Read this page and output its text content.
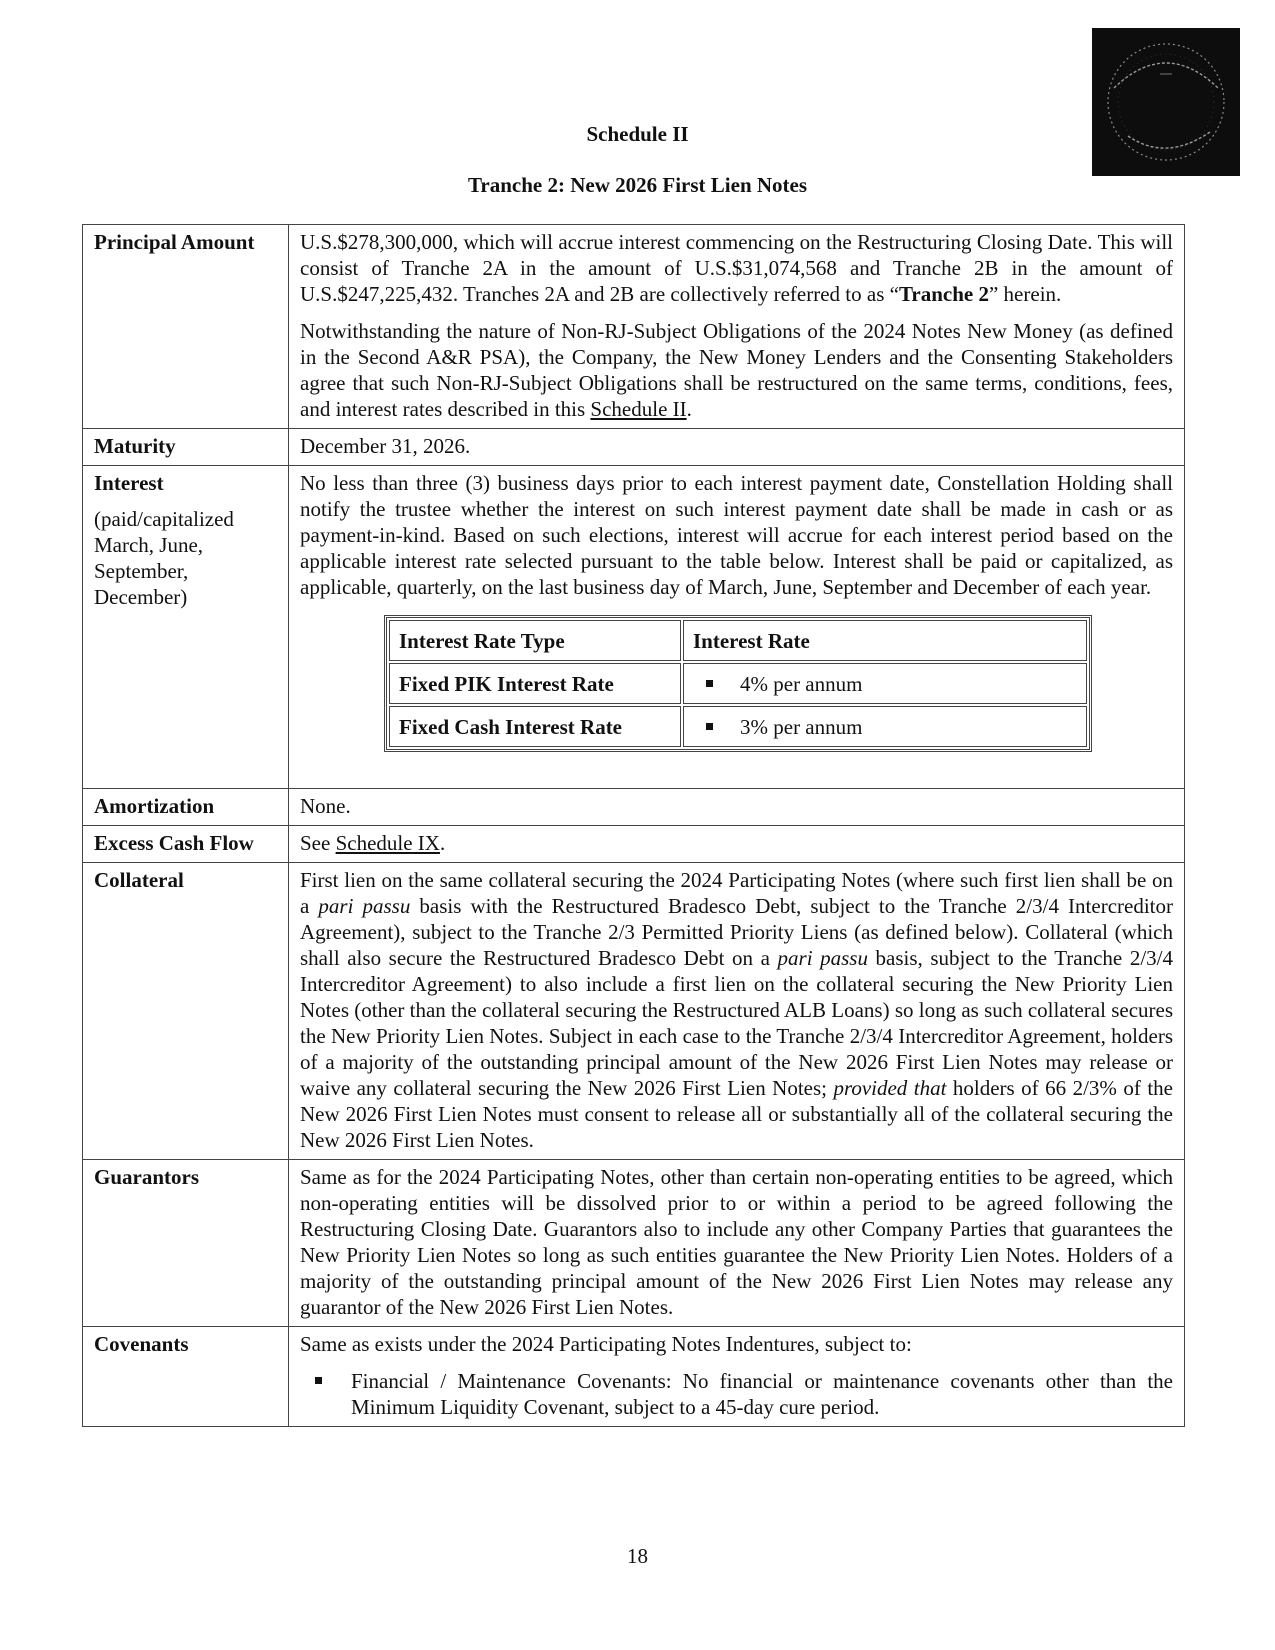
Schedule II
Tranche 2: New 2026 First Lien Notes
Principal Amount	U.S.$278,300,000, which will accrue interest commencing on the Restructuring Closing Date. This will consist of Tranche 2A in the amount of U.S.$31,074,568 and Tranche 2B in the amount of U.S.$247,225,432. Tranches 2A and 2B are collectively referred to as “Tranche 2” herein.

Notwithstanding the nature of Non-RJ-Subject Obligations of the 2024 Notes New Money (as defined in the Second A&R PSA), the Company, the New Money Lenders and the Consenting Stakeholders agree that such Non-RJ-Subject Obligations shall be restructured on the same terms, conditions, fees, and interest rates described in this Schedule II.

Maturity	December 31, 2026.

Interest
(paid/capitalized March, June, September, December)

No less than three (3) business days prior to each interest payment date, Constellation Holding shall notify the trustee whether the interest on such interest payment date shall be made in cash or as payment-in-kind. Based on such elections, interest will accrue for each interest period based on the applicable interest rate selected pursuant to the table below. Interest shall be paid or capitalized, as applicable, quarterly, on the last business day of March, June, September and December of each year.

Interest Rate Type	Interest Rate
Fixed PIK Interest Rate	4% per annum
Fixed Cash Interest Rate	3% per annum

Amortization	None.
Excess Cash Flow	See Schedule IX.
Collateral	First lien on the same collateral securing the 2024 Participating Notes (where such first lien shall be on a pari passu basis with the Restructured Bradesco Debt, subject to the Tranche 2/3/4 Intercreditor Agreement), subject to the Tranche 2/3 Permitted Priority Liens (as defined below). Collateral (which shall also secure the Restructured Bradesco Debt on a pari passu basis, subject to the Tranche 2/3/4 Intercreditor Agreement) to also include a first lien on the collateral securing the New Priority Lien Notes (other than the collateral securing the Restructured ALB Loans) so long as such collateral secures the New Priority Lien Notes. Subject in each case to the Tranche 2/3/4 Intercreditor Agreement, holders of a majority of the outstanding principal amount of the New 2026 First Lien Notes may release or waive any collateral securing the New 2026 First Lien Notes; provided that holders of 66 2/3% of the New 2026 First Lien Notes must consent to release all or substantially all of the collateral securing the New 2026 First Lien Notes.
Guarantors	Same as for the 2024 Participating Notes, other than certain non-operating entities to be agreed, which non-operating entities will be dissolved prior to or within a period to be agreed following the Restructuring Closing Date. Guarantors also to include any other Company Parties that guarantees the New Priority Lien Notes so long as such entities guarantee the New Priority Lien Notes. Holders of a majority of the outstanding principal amount of the New 2026 First Lien Notes may release any guarantor of the New 2026 First Lien Notes.
Covenants	Same as exists under the 2024 Participating Notes Indentures, subject to:
Financial / Maintenance Covenants: No financial or maintenance covenants other than the Minimum Liquidity Covenant, subject to a 45-day cure period.
18
